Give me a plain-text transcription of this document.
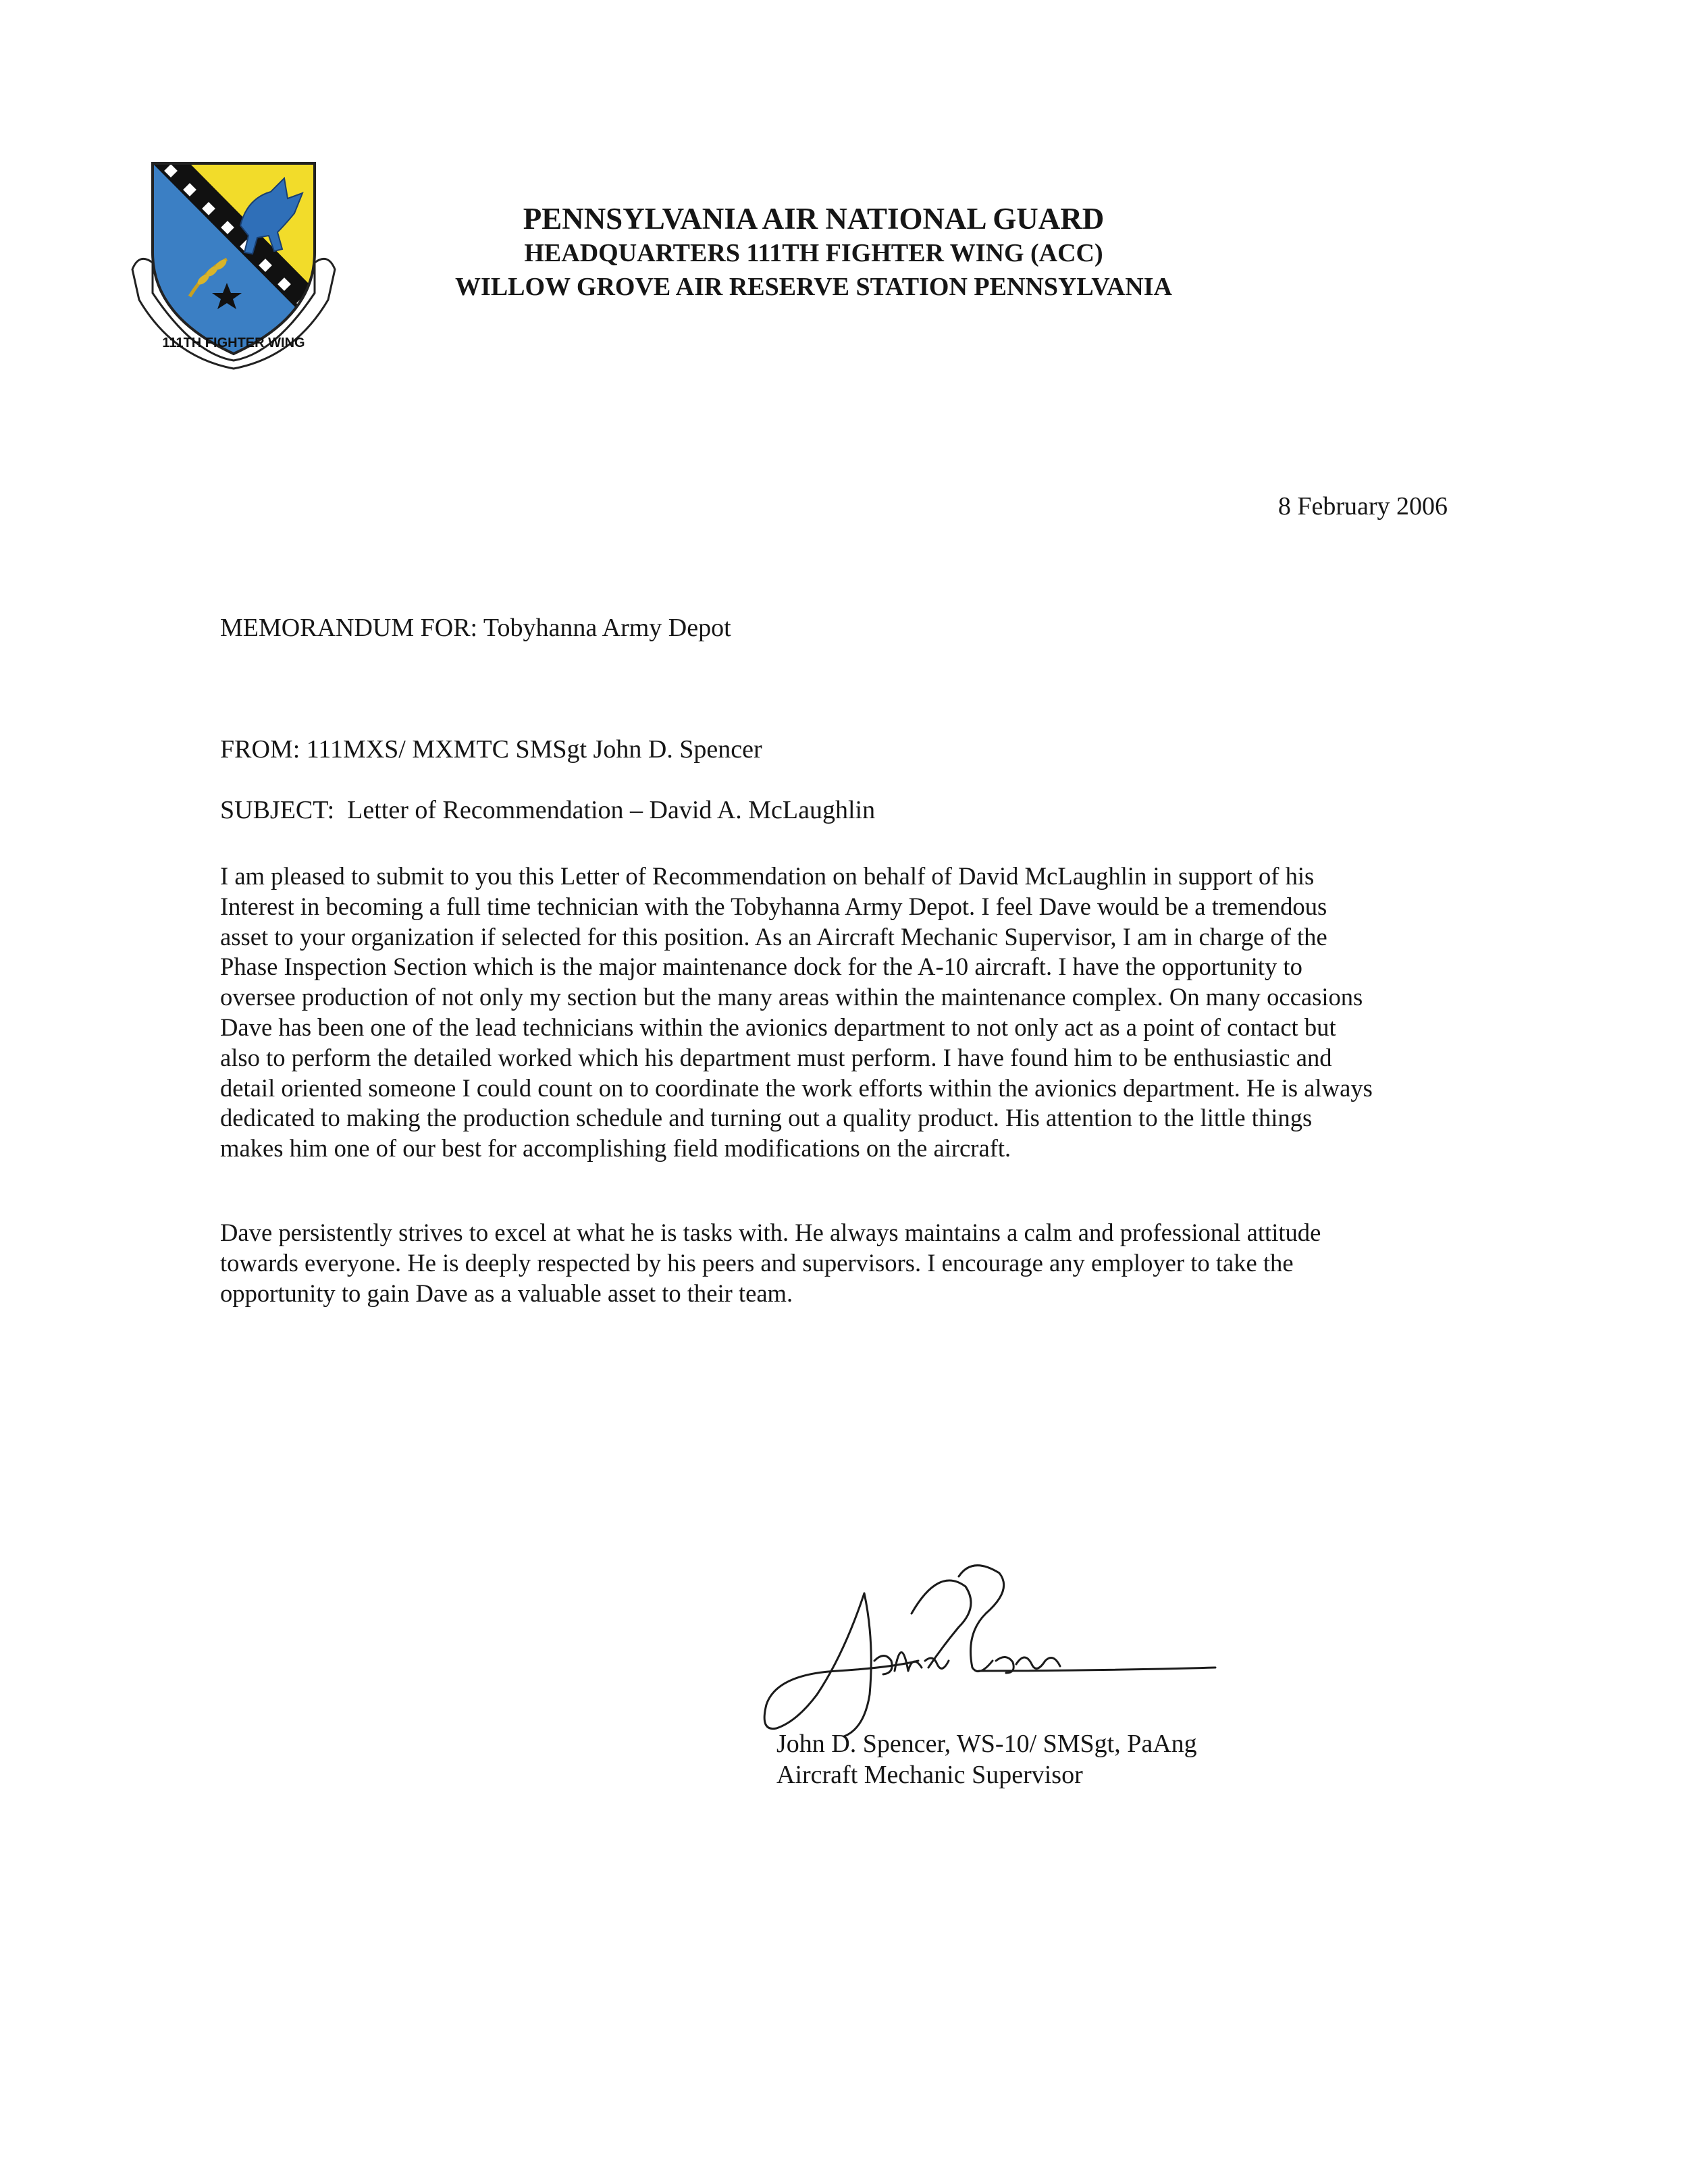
111TH FIGHTER WING
PENNSYLVANIA AIR NATIONAL GUARD
HEADQUARTERS 111TH FIGHTER WING (ACC)
WILLOW GROVE AIR RESERVE STATION PENNSYLVANIA
8 February 2006
MEMORANDUM FOR: Tobyhanna Army Depot
FROM: 111MXS/ MXMTC SMSgt John D. Spencer
SUBJECT:  Letter of Recommendation – David A. McLaughlin
I am pleased to submit to you this Letter of Recommendation on behalf of David McLaughlin in support of his
Interest in becoming a full time technician with the Tobyhanna Army Depot. I feel Dave would be a tremendous
asset to your organization if selected for this position. As an Aircraft Mechanic Supervisor, I am in charge of the
Phase Inspection Section which is the major maintenance dock for the A-10 aircraft. I have the opportunity to
oversee production of not only my section but the many areas within the maintenance complex. On many occasions
Dave has been one of the lead technicians within the avionics department to not only act as a point of contact but
also to perform the detailed worked which his department must perform. I have found him to be enthusiastic and
detail oriented someone I could count on to coordinate the work efforts within the avionics department. He is always
dedicated to making the production schedule and turning out a quality product. His attention to the little things
makes him one of our best for accomplishing field modifications on the aircraft.
Dave persistently strives to excel at what he is tasks with. He always maintains a calm and professional attitude
towards everyone. He is deeply respected by his peers and supervisors. I encourage any employer to take the
opportunity to gain Dave as a valuable asset to their team.
John D. Spencer, WS-10/ SMSgt, PaAng
Aircraft Mechanic Supervisor
